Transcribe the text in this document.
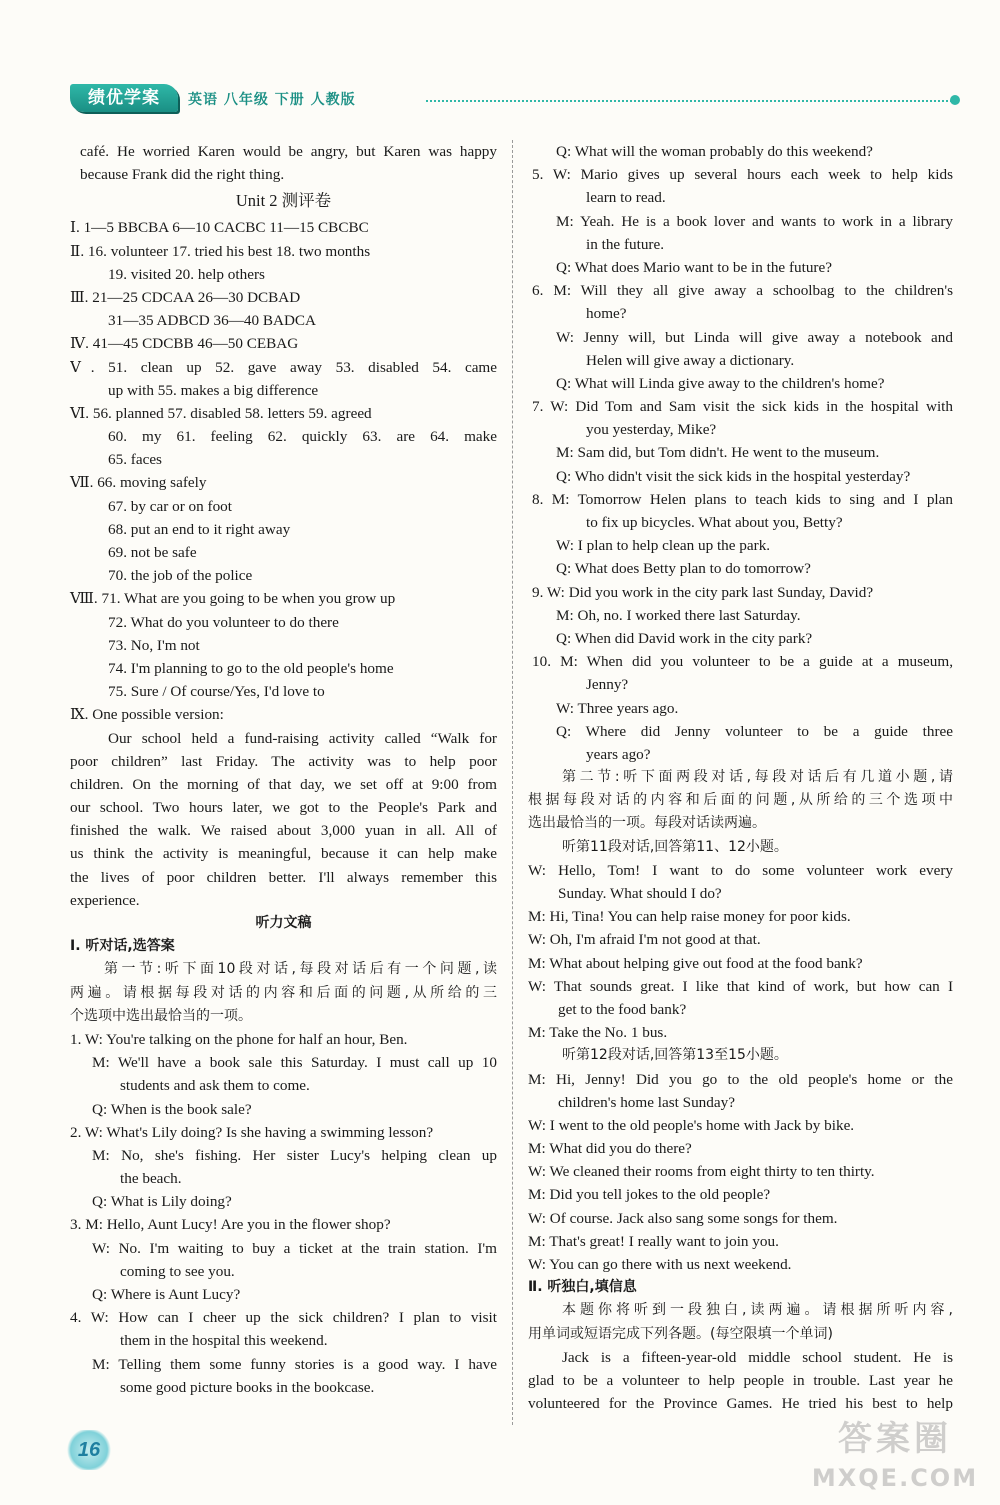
绩优学案	英语 八年级 下册 人教版
café. He worried Karen would be angry, but Karen was happy
because Frank did the right thing.
Unit 2 测评卷
Ⅰ. 1—5 BBCBA 6—10 CACBC 11—15 CBCBC
Ⅱ. 16. volunteer 17. tried his best 18. two months
19. visited 20. help others
Ⅲ. 21—25 CDCAA 26—30 DCBAD
31—35 ADBCD 36—40 BADCA
Ⅳ. 41—45 CDCBB 46—50 CEBAG
Ⅴ. 51. clean up 52. gave away 53. disabled 54. came
up with 55. makes a big difference
Ⅵ. 56. planned 57. disabled 58. letters 59. agreed
60. my 61. feeling 62. quickly 63. are 64. make
65. faces
Ⅶ. 66. moving safely
67. by car or on foot
68. put an end to it right away
69. not be safe
70. the job of the police
Ⅷ. 71. What are you going to be when you grow up
72. What do you volunteer to do there
73. No, I'm not
74. I'm planning to go to the old people's home
75. Sure / Of course/Yes, I'd love to
Ⅸ. One possible version:
Our school held a fund-raising activity called “Walk for
poor children” last Friday. The activity was to help poor
children. On the morning of that day, we set off at 9:00 from
our school. Two hours later, we got to the People's Park and
finished the walk. We raised about 3,000 yuan in all. All of
us think the activity is meaningful, because it can help make
the lives of poor children better. I'll always remember this
experience.
听力文稿
Ⅰ. 听对话,选答案
第一节:听下面10段对话,每段对话后有一个问题,读
两遍。请根据每段对话的内容和后面的问题,从所给的三
个选项中选出最恰当的一项。
1. W: You're talking on the phone for half an hour, Ben.
M: We'll have a book sale this Saturday. I must call up 10
students and ask them to come.
Q: When is the book sale?
2. W: What's Lily doing? Is she having a swimming lesson?
M: No, she's fishing. Her sister Lucy's helping clean up
the beach.
Q: What is Lily doing?
3. M: Hello, Aunt Lucy! Are you in the flower shop?
W: No. I'm waiting to buy a ticket at the train station. I'm
coming to see you.
Q: Where is Aunt Lucy?
4. W: How can I cheer up the sick children? I plan to visit
them in the hospital this weekend.
M: Telling them some funny stories is a good way. I have
some good picture books in the bookcase.
Q: What will the woman probably do this weekend?
5. W: Mario gives up several hours each week to help kids
learn to read.
M: Yeah. He is a book lover and wants to work in a library
in the future.
Q: What does Mario want to be in the future?
6. M: Will they all give away a schoolbag to the children's
home?
W: Jenny will, but Linda will give away a notebook and
Helen will give away a dictionary.
Q: What will Linda give away to the children's home?
7. W: Did Tom and Sam visit the sick kids in the hospital with
you yesterday, Mike?
M: Sam did, but Tom didn't. He went to the museum.
Q: Who didn't visit the sick kids in the hospital yesterday?
8. M: Tomorrow Helen plans to teach kids to sing and I plan
to fix up bicycles. What about you, Betty?
W: I plan to help clean up the park.
Q: What does Betty plan to do tomorrow?
9. W: Did you work in the city park last Sunday, David?
M: Oh, no. I worked there last Saturday.
Q: When did David work in the city park?
10. M: When did you volunteer to be a guide at a museum,
Jenny?
W: Three years ago.
Q: Where did Jenny volunteer to be a guide three
years ago?
第二节:听下面两段对话,每段对话后有几道小题,请
根据每段对话的内容和后面的问题,从所给的三个选项中
选出最恰当的一项。每段对话读两遍。
听第11段对话,回答第11、12小题。
W: Hello, Tom! I want to do some volunteer work every
Sunday. What should I do?
M: Hi, Tina! You can help raise money for poor kids.
W: Oh, I'm afraid I'm not good at that.
M: What about helping give out food at the food bank?
W: That sounds great. I like that kind of work, but how can I
get to the food bank?
M: Take the No. 1 bus.
听第12段对话,回答第13至15小题。
M: Hi, Jenny! Did you go to the old people's home or the
children's home last Sunday?
W: I went to the old people's home with Jack by bike.
M: What did you do there?
W: We cleaned their rooms from eight thirty to ten thirty.
M: Did you tell jokes to the old people?
W: Of course. Jack also sang some songs for them.
M: That's great! I really want to join you.
W: You can go there with us next weekend.
Ⅱ. 听独白,填信息
本题你将听到一段独白,读两遍。请根据所听内容,
用单词或短语完成下列各题。(每空限填一个单词)
Jack is a fifteen-year-old middle school student. He is
glad to be a volunteer to help people in trouble. Last year he
volunteered for the Province Games. He tried his best to help
16	答案圈
MXQE.COM
